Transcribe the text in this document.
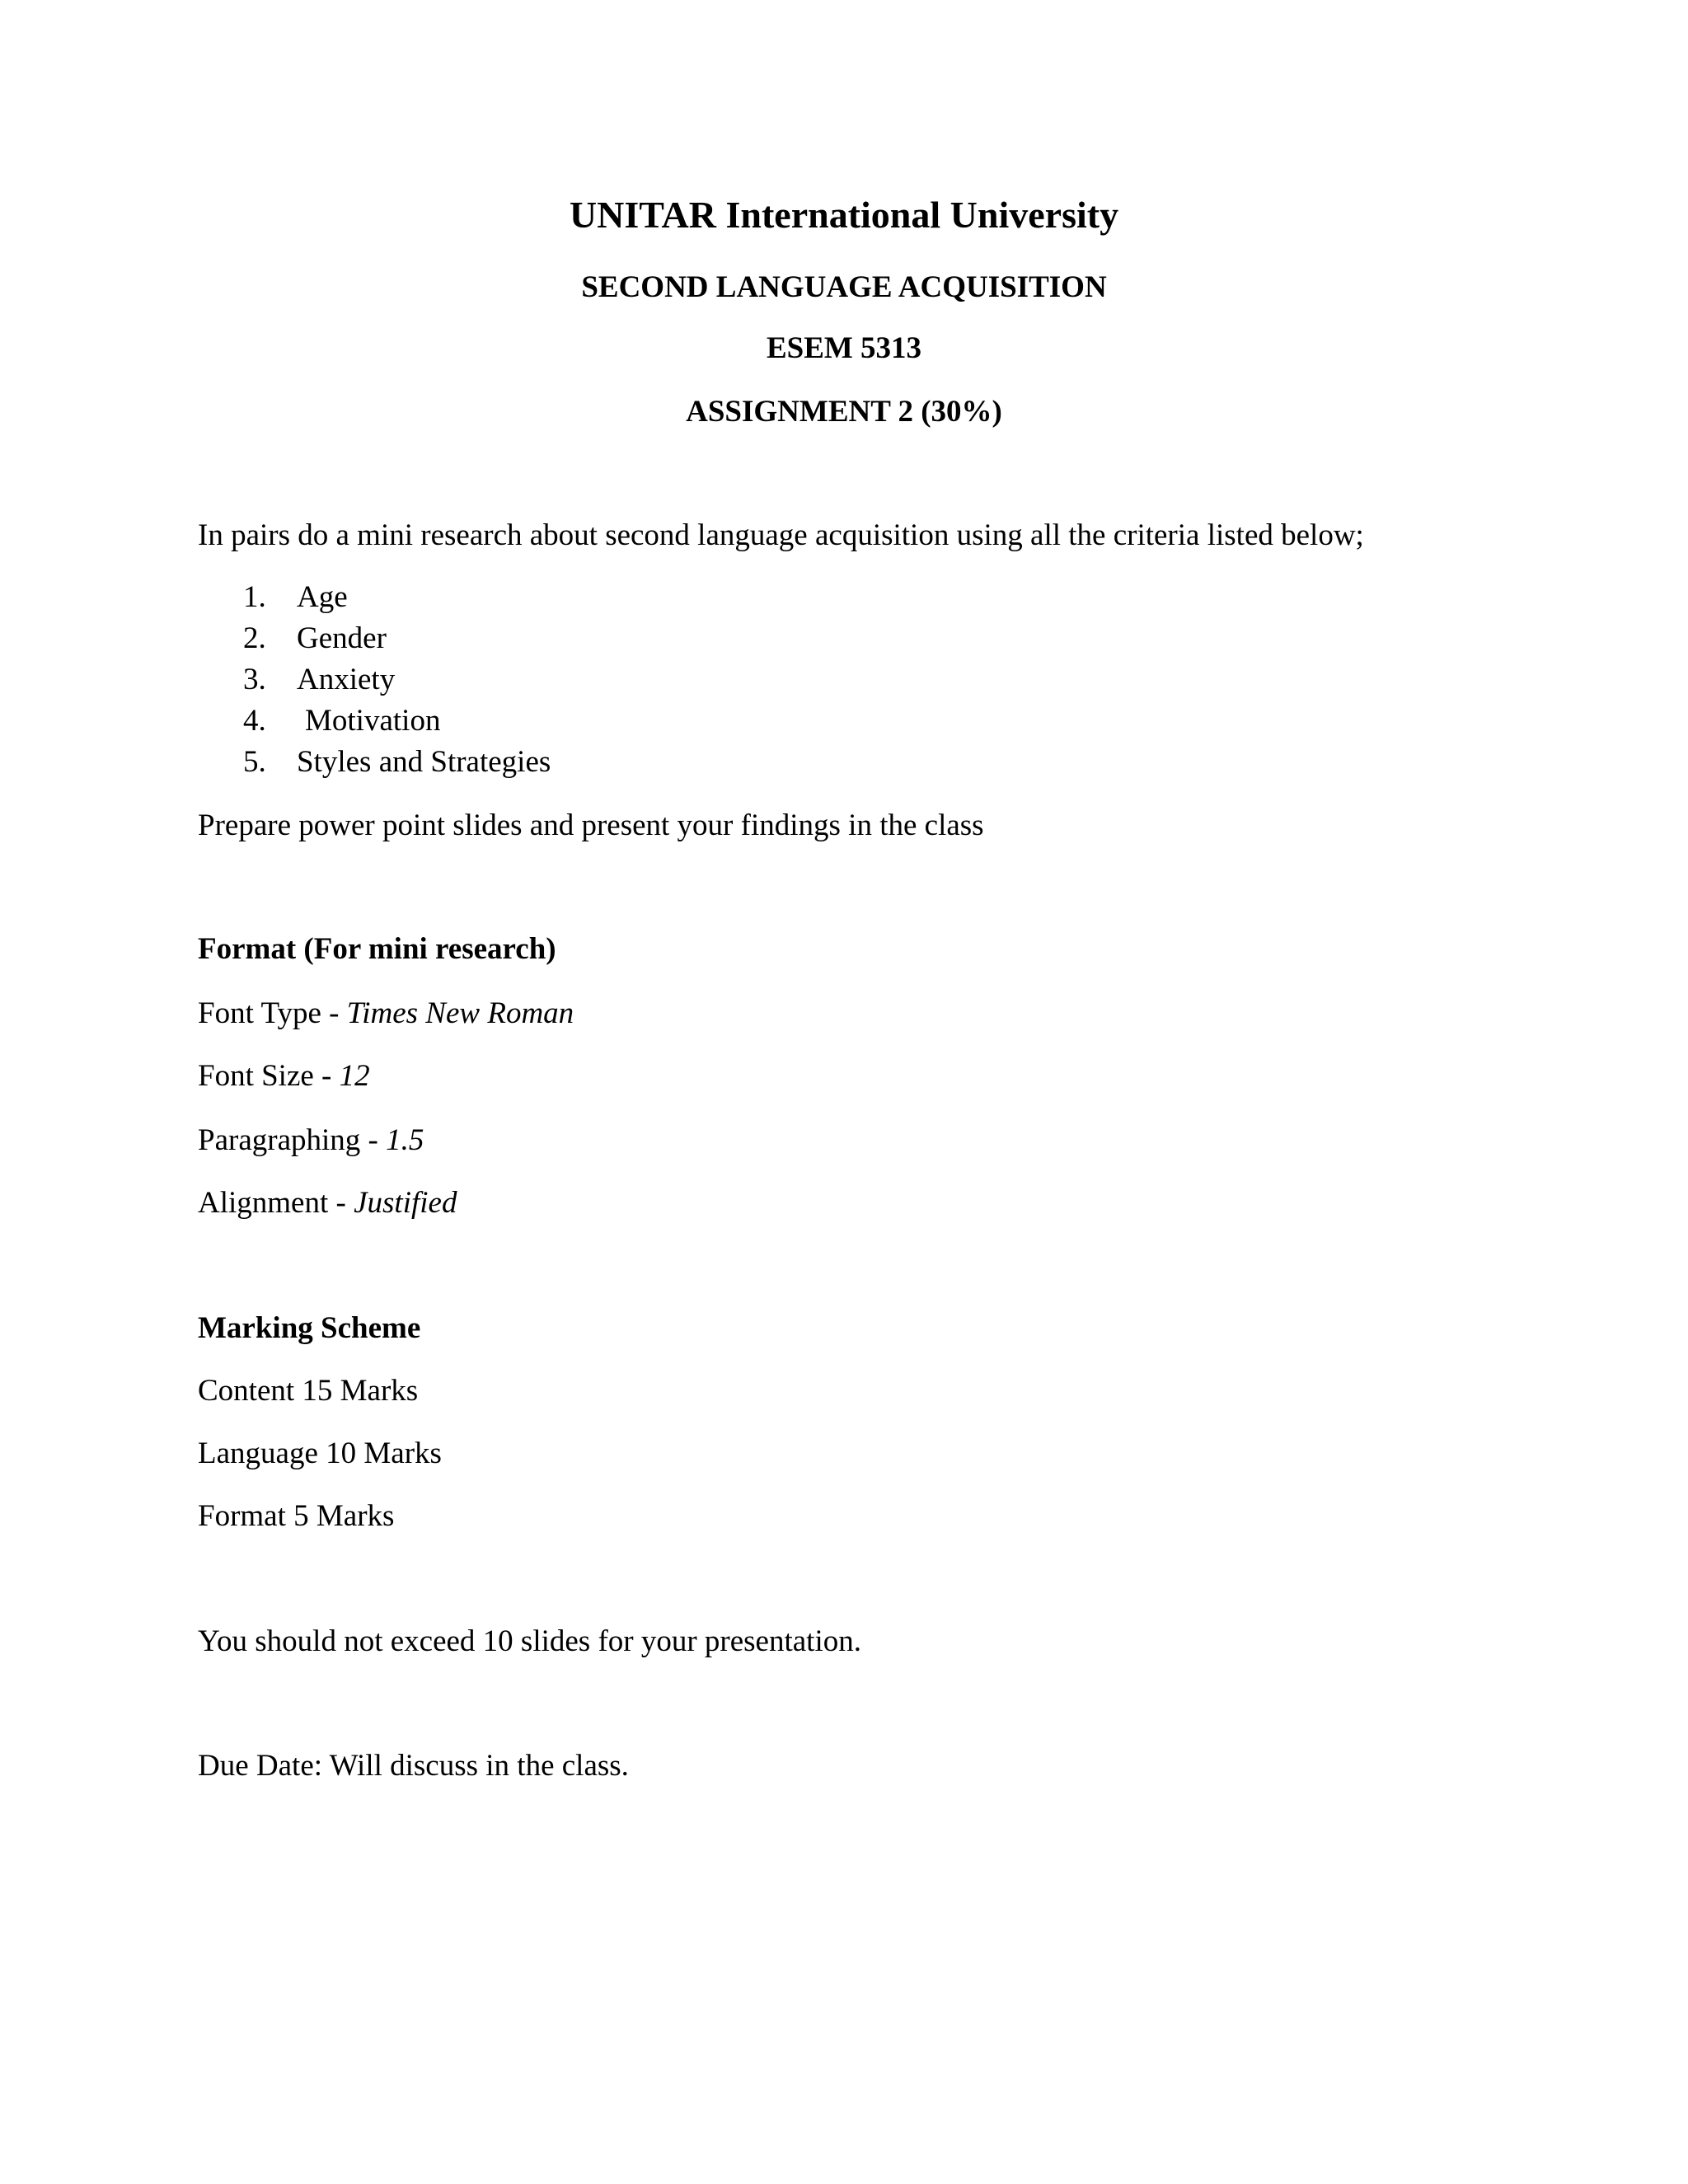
UNITAR International University
SECOND LANGUAGE ACQUISITION
ESEM 5313
ASSIGNMENT 2 (30%)
In pairs do a mini research about second language acquisition using all the criteria listed below;
1. Age
2. Gender
3. Anxiety
4. Motivation
5. Styles and Strategies
Prepare power point slides and present your findings in the class
Format (For mini research)
Font Type - Times New Roman
Font Size - 12
Paragraphing - 1.5
Alignment - Justified
Marking Scheme
Content 15 Marks
Language 10 Marks
Format 5 Marks
You should not exceed 10 slides for your presentation.
Due Date: Will discuss in the class.
